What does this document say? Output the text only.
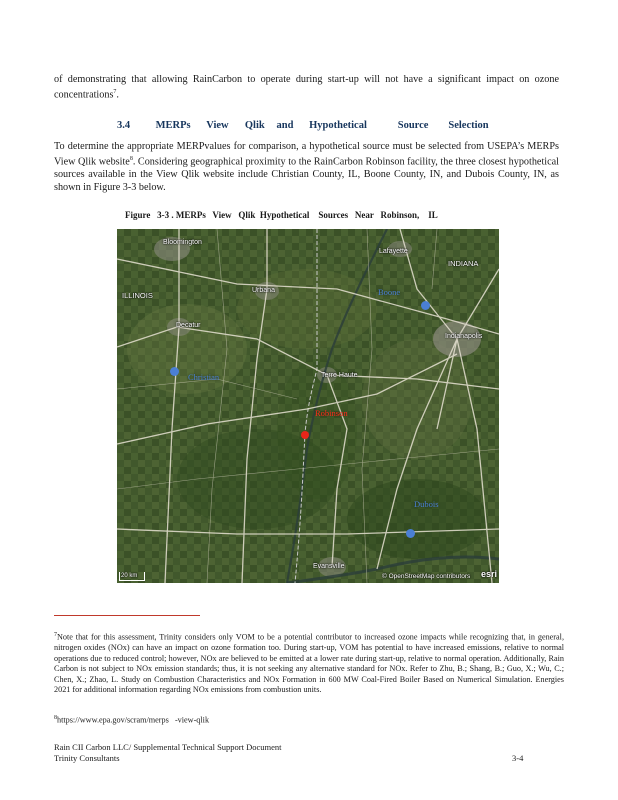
of demonstrating that allowing RainCarbon to operate during start-up will not have a significant impact on ozone concentrations$^7$.
3.4 MERPs View Qlik and Hypothetical	Source Selection
To determine the appropriate MERPvalues for comparison, a hypothetical source must be selected from USEPA’s MERPs View Qlik website$^8$. Considering geographical proximity to the RainCarbon Robinson facility, the three closest hypothetical sources available in the View Qlik website include Christian County, IL, Boone County, IN, and Dubois County, IN, as shown in Figure 3-3 below.
Figure   3-3 . MERPs   View   Qlik  Hypothetical    Sources   Near   Robinson,    IL
Bloomington
Lafayette
INDIANA
ILLINOIS
Urbana
Decatur
Indianapolis
Terre Haute
Evansville
Boone
Christian
Dubois
Robinson
20 km	© OpenStreetMap contributors esri
$^7$Note that for this assessment, Trinity considers only VOM to be a potential contributor to increased ozone impacts while recognizing that, in general, nitrogen oxides (NOx) can have an impact on ozone formation too. During start-up, VOM has potential to have increased emissions, relative to normal operations due to reduced control; however, NOx are believed to be emitted at a lower rate during start-up, relative to normal operation. Additionally, Rain Carbon is not subject to NOx emission standards; thus, it is not seeking any alternative standard for NOx. Refer to Zhu, B.; Shang, B.; Guo, X.; Wu, C.; Chen, X.; Zhao, L. Study on Combustion Characteristics and NOx Formation in 600 MW Coal-Fired Boiler Based on Numerical Simulation. Energies 2021 for additional information regarding NOx emissions from combustion units.
$^8$https://www.epa.gov/scram/merps   -view-qlik
Rain CII Carbon LLC/ Supplemental Technical Support Document
Trinity Consultants	3-4
